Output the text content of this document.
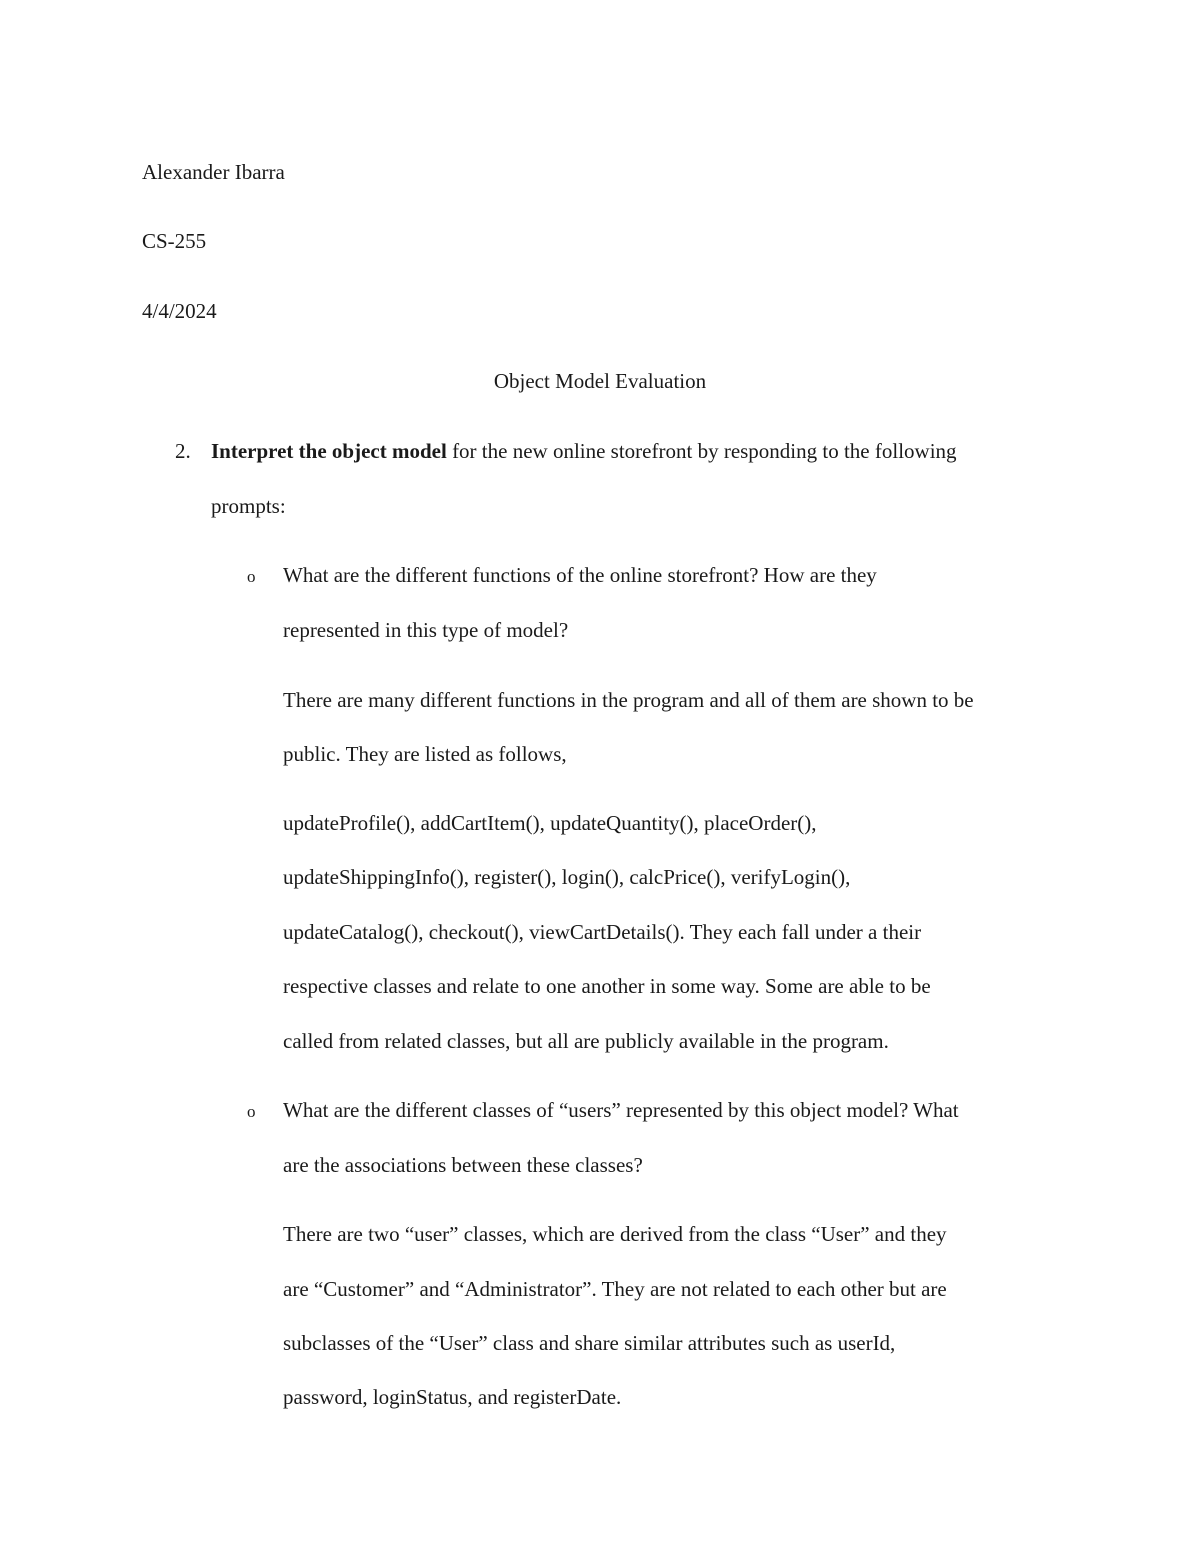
Alexander Ibarra
CS-255
4/4/2024
Object Model Evaluation
2. Interpret the object model for the new online storefront by responding to the following
prompts:
o What are the different functions of the online storefront? How are they
represented in this type of model?
There are many different functions in the program and all of them are shown to be
public. They are listed as follows,
updateProfile(), addCartItem(), updateQuantity(), placeOrder(),
updateShippingInfo(), register(), login(), calcPrice(), verifyLogin(),
updateCatalog(), checkout(), viewCartDetails(). They each fall under a their
respective classes and relate to one another in some way. Some are able to be
called from related classes, but all are publicly available in the program.
o What are the different classes of “users” represented by this object model? What
are the associations between these classes?
There are two “user” classes, which are derived from the class “User” and they
are “Customer” and “Administrator”. They are not related to each other but are
subclasses of the “User” class and share similar attributes such as userId,
password, loginStatus, and registerDate.
